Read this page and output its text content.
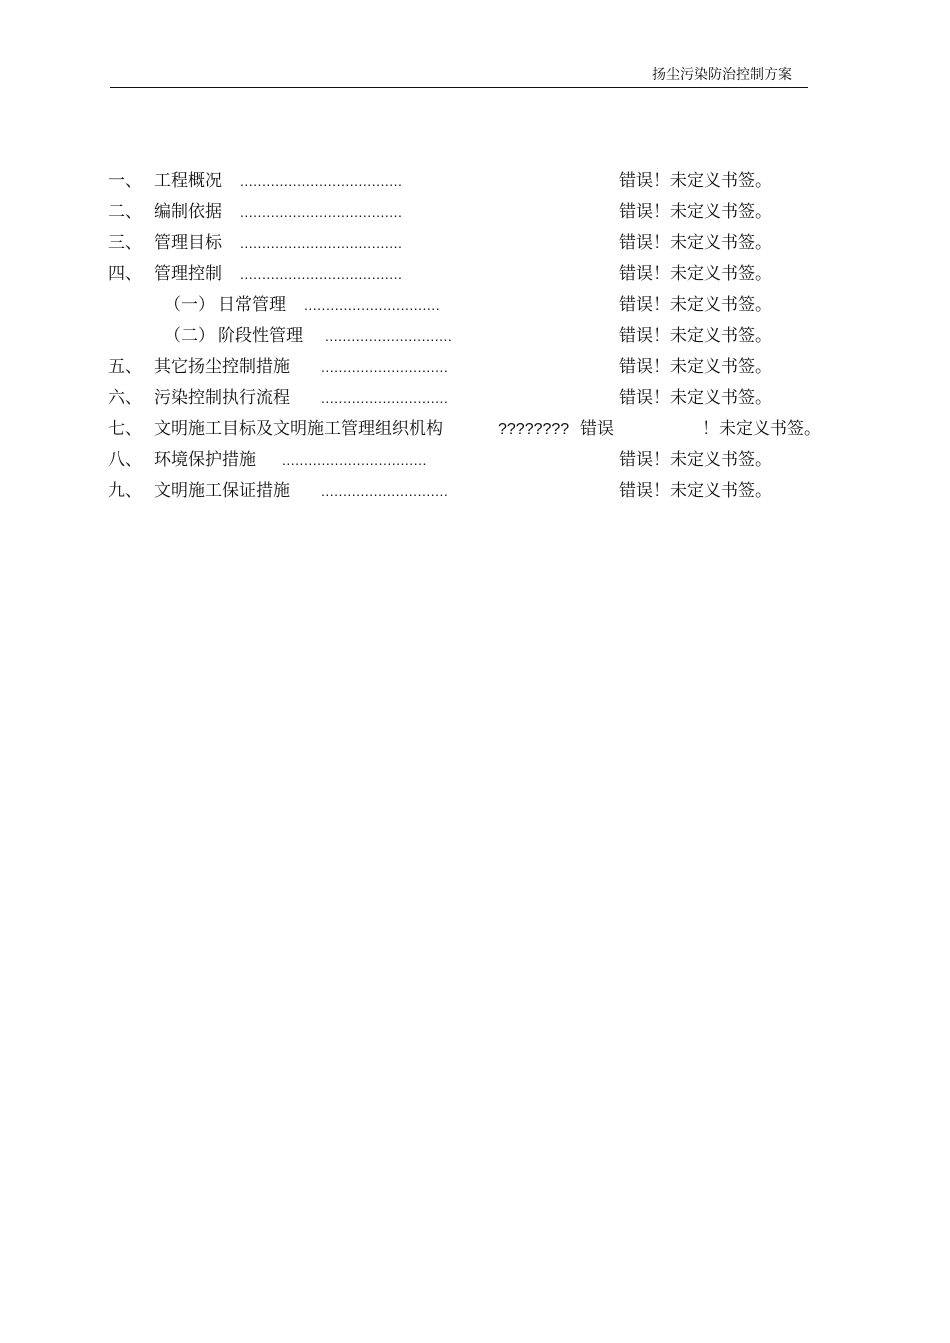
扬尘污染防治控制方案
一、 工程概况 .....................................	错误！未定义书签。
二、 编制依据 .....................................	错误！未定义书签。
三、 管理目标 .....................................	错误！未定义书签。
四、 管理控制 .....................................	错误！未定义书签。
（一） 日常管理 ...............................	错误！未定义书签。
（二） 阶段性管理 .............................	错误！未定义书签。
五、 其它扬尘控制措施 .............................	错误！未定义书签。
六、 污染控制执行流程 .............................	错误！未定义书签。
七、 文明施工目标及文明施工管理组织机构	???????? 错误	！未定义书签。
八、 环境保护措施 .................................	错误！未定义书签。
九、 文明施工保证措施 .............................	错误！未定义书签。
